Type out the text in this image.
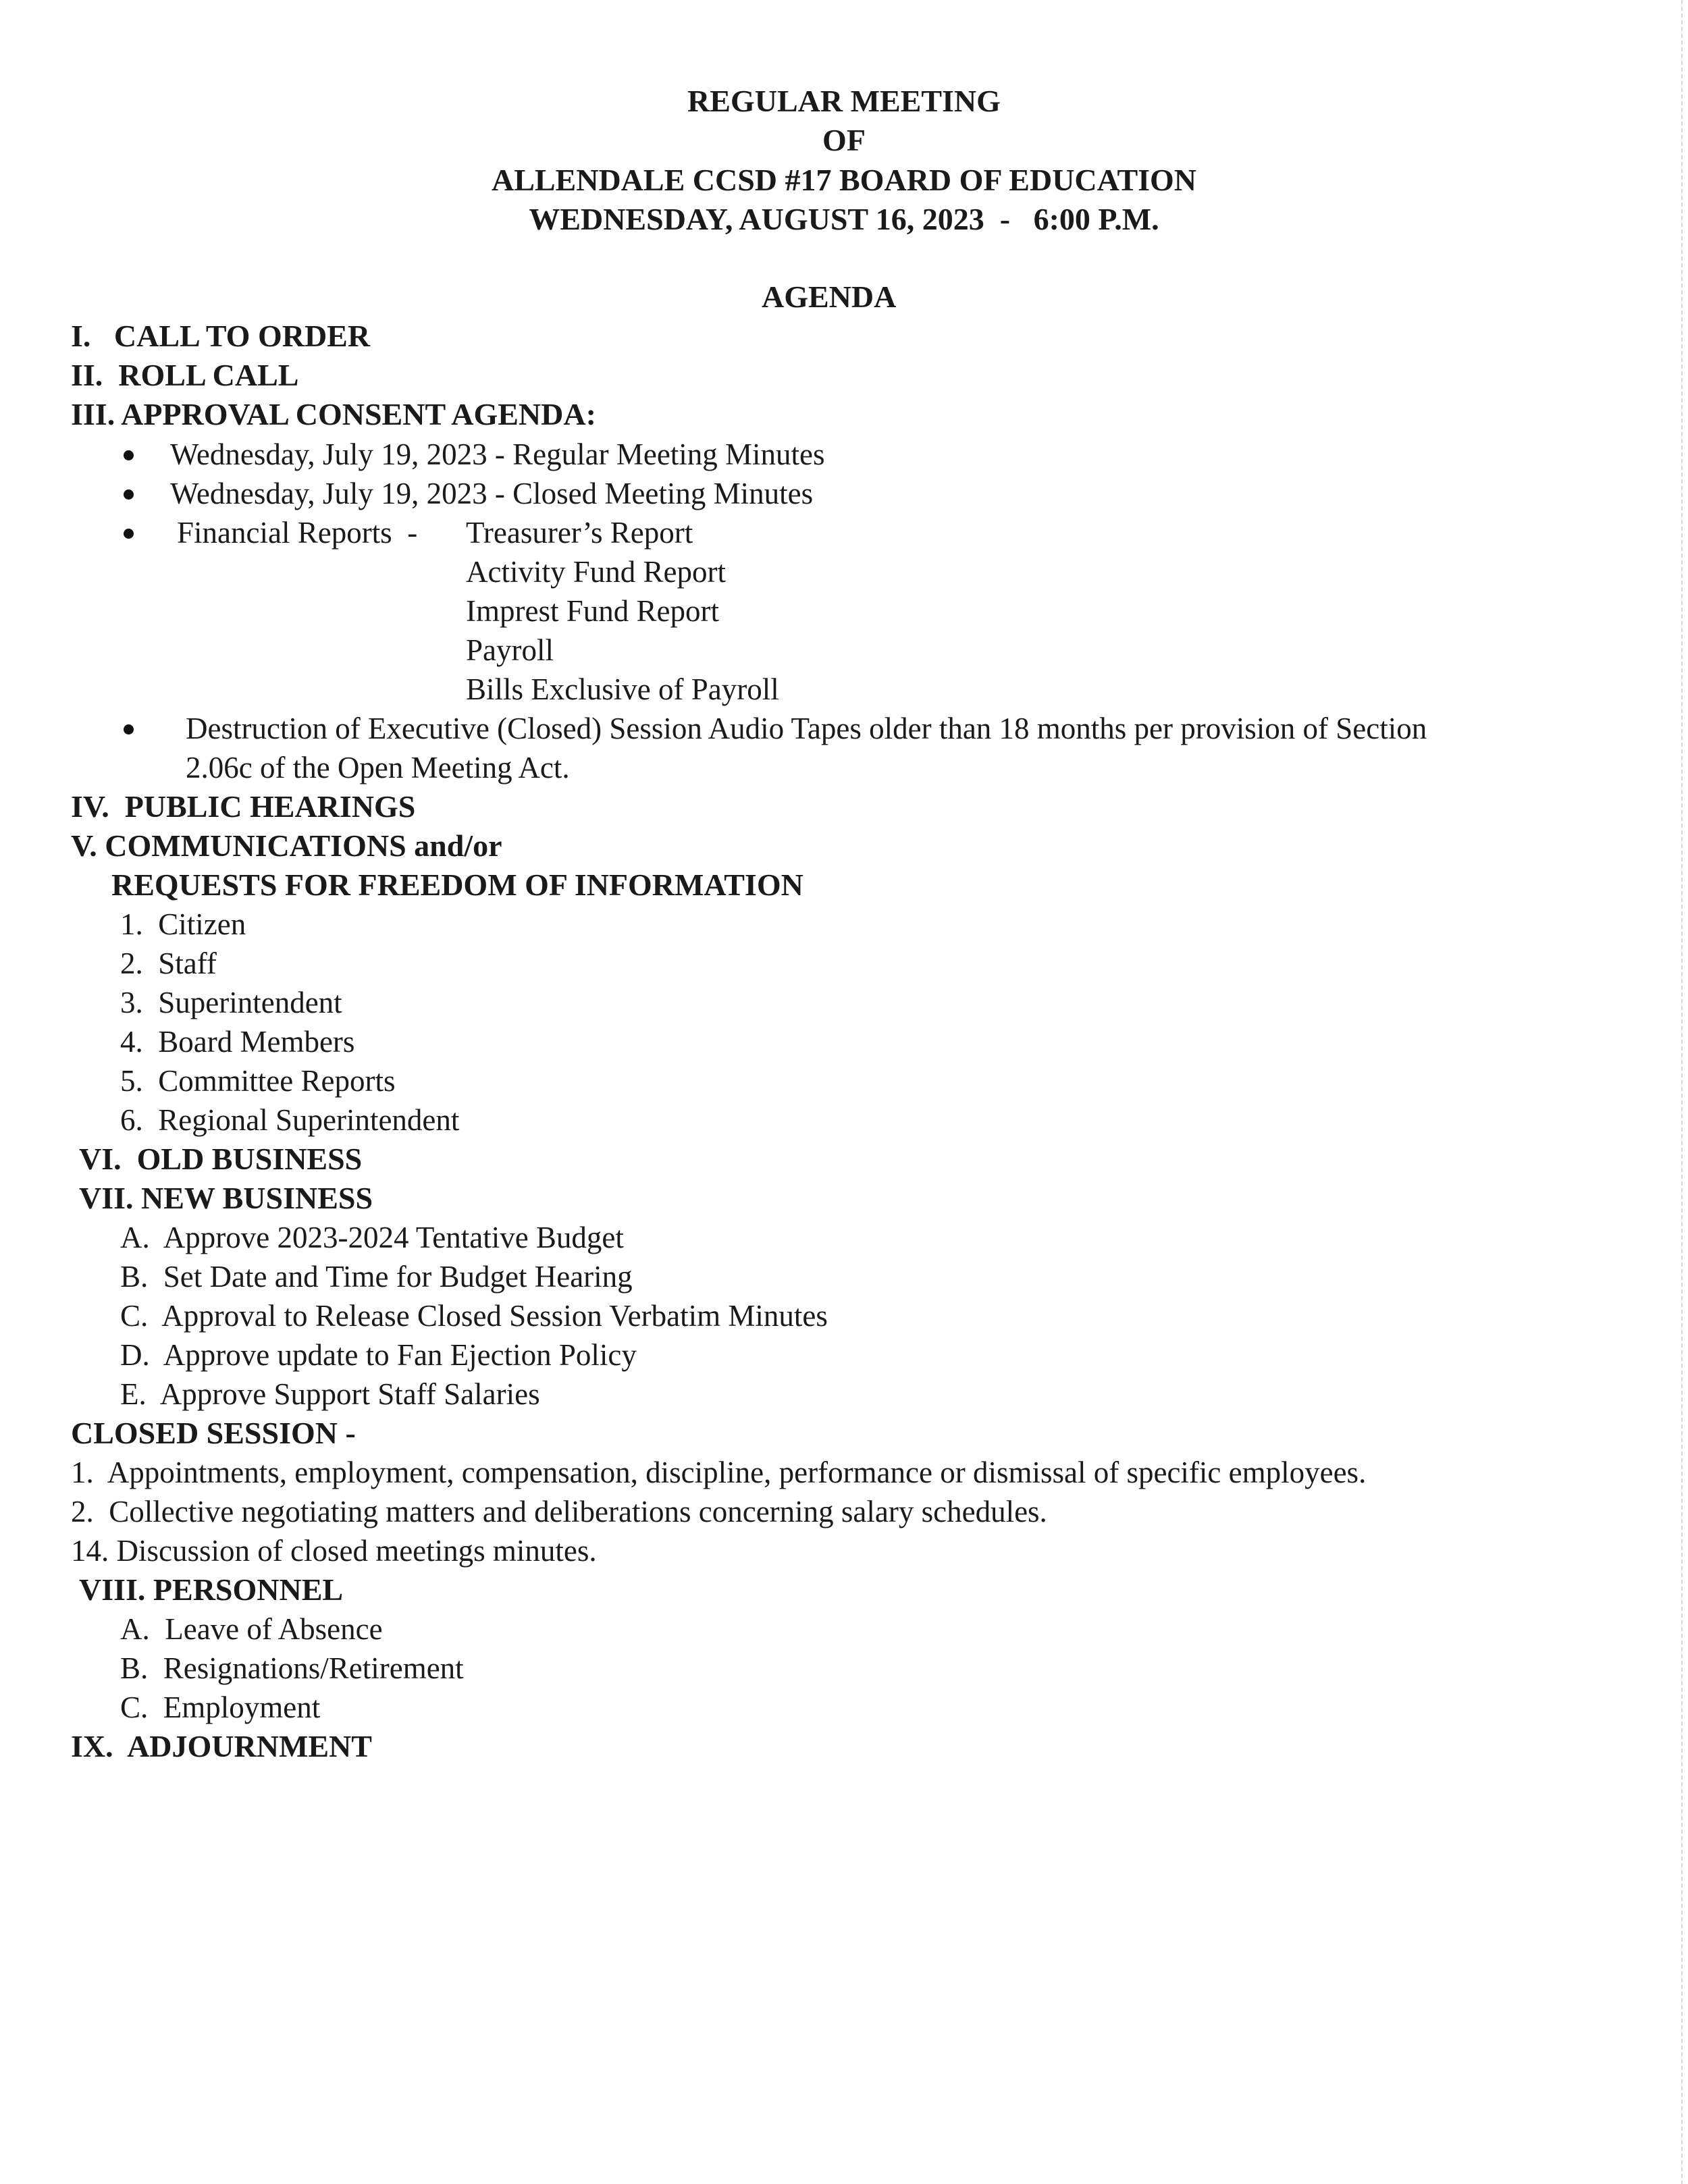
REGULAR MEETING
OF
ALLENDALE CCSD #17 BOARD OF EDUCATION
WEDNESDAY, AUGUST 16, 2023  -   6:00 P.M.
AGENDA
I.   CALL TO ORDER
II.  ROLL CALL
III. APPROVAL CONSENT AGENDA:
Wednesday, July 19, 2023 - Regular Meeting Minutes
Wednesday, July 19, 2023 - Closed Meeting Minutes
Financial Reports  - Treasurer’s Report
Activity Fund Report
Imprest Fund Report
Payroll
Bills Exclusive of Payroll
Destruction of Executive (Closed) Session Audio Tapes older than 18 months per provision of Section
2.06c of the Open Meeting Act.
IV.  PUBLIC HEARINGS
V. COMMUNICATIONS and/or
REQUESTS FOR FREEDOM OF INFORMATION
1.  Citizen
2.  Staff
3.  Superintendent
4.  Board Members
5.  Committee Reports
6.  Regional Superintendent
VI.  OLD BUSINESS
VII. NEW BUSINESS
A.  Approve 2023-2024 Tentative Budget
B.  Set Date and Time for Budget Hearing
C.  Approval to Release Closed Session Verbatim Minutes
D.  Approve update to Fan Ejection Policy
E.  Approve Support Staff Salaries
CLOSED SESSION -
1.  Appointments, employment, compensation, discipline, performance or dismissal of specific employees.
2.  Collective negotiating matters and deliberations concerning salary schedules.
14. Discussion of closed meetings minutes.
VIII. PERSONNEL
A.  Leave of Absence
B.  Resignations/Retirement
C.  Employment
IX.  ADJOURNMENT
